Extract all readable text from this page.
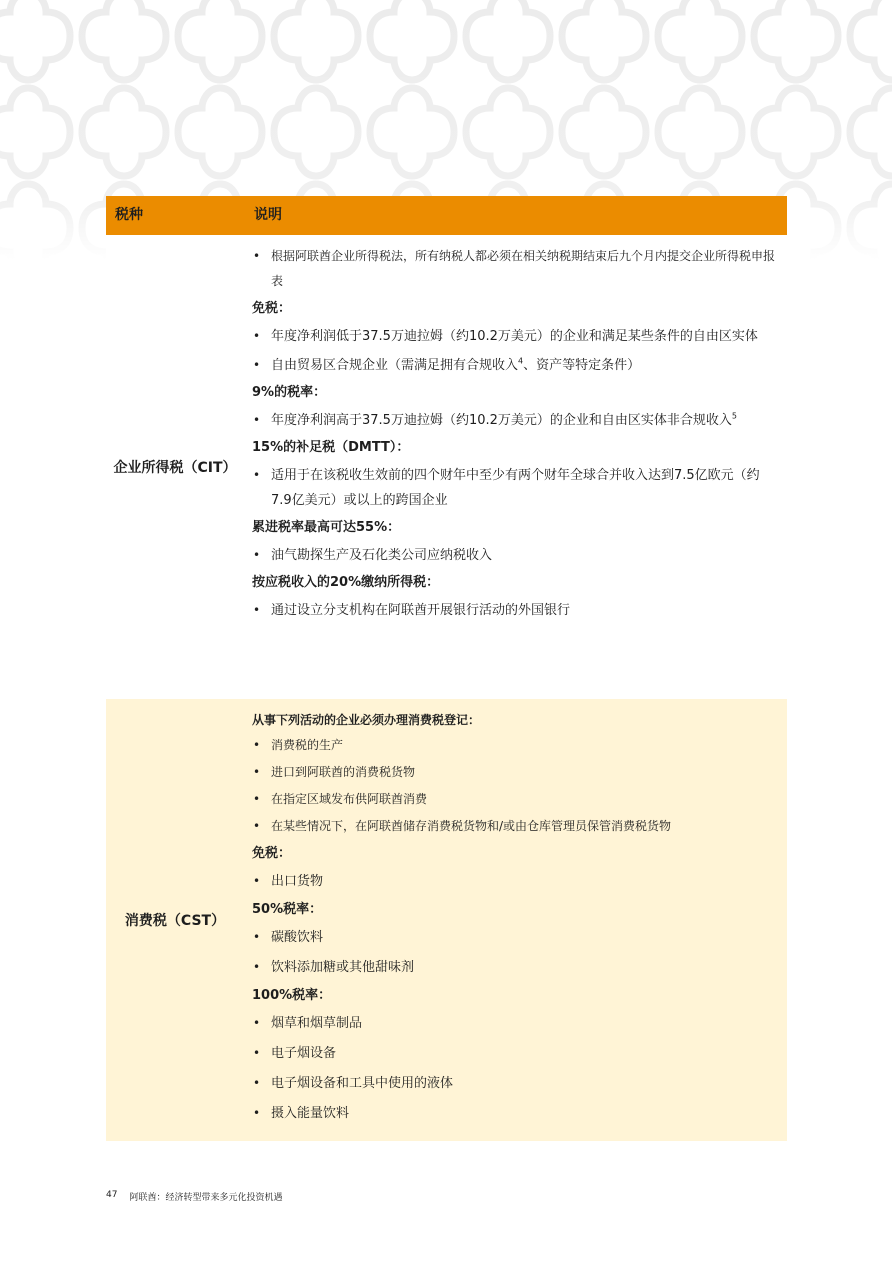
税种	说明
企业所得税（CIT）
• 根据阿联酋企业所得税法，所有纳税人都必须在相关纳税期结束后九个月内提交企业所得税申报表
免税：
• 年度净利润低于37.5万迪拉姆（约10.2万美元）的企业和满足某些条件的自由区实体
• 自由贸易区合规企业（需满足拥有合规收入$^4$、资产等特定条件）
9%的税率：
• 年度净利润高于37.5万迪拉姆（约10.2万美元）的企业和自由区实体非合规收入$^5$
15%的补足税（DMTT）：
• 适用于在该税收生效前的四个财年中至少有两个财年全球合并收入达到7.5亿欧元（约7.9亿美元）或以上的跨国企业
累进税率最高可达55%：
• 油气勘探生产及石化类公司应纳税收入
按应税收入的20%缴纳所得税：
• 通过设立分支机构在阿联酋开展银行活动的外国银行
消费税（CST）
从事下列活动的企业必须办理消费税登记：
• 消费税的生产
• 进口到阿联酋的消费税货物
• 在指定区域发布供阿联酋消费
• 在某些情况下，在阿联酋储存消费税货物和/或由仓库管理员保管消费税货物
免税：
• 出口货物
50%税率：
• 碳酸饮料
• 饮料添加糖或其他甜味剂
100%税率：
• 烟草和烟草制品
• 电子烟设备
• 电子烟设备和工具中使用的液体
• 摄入能量饮料
47 阿联酋：经济转型带来多元化投资机遇
